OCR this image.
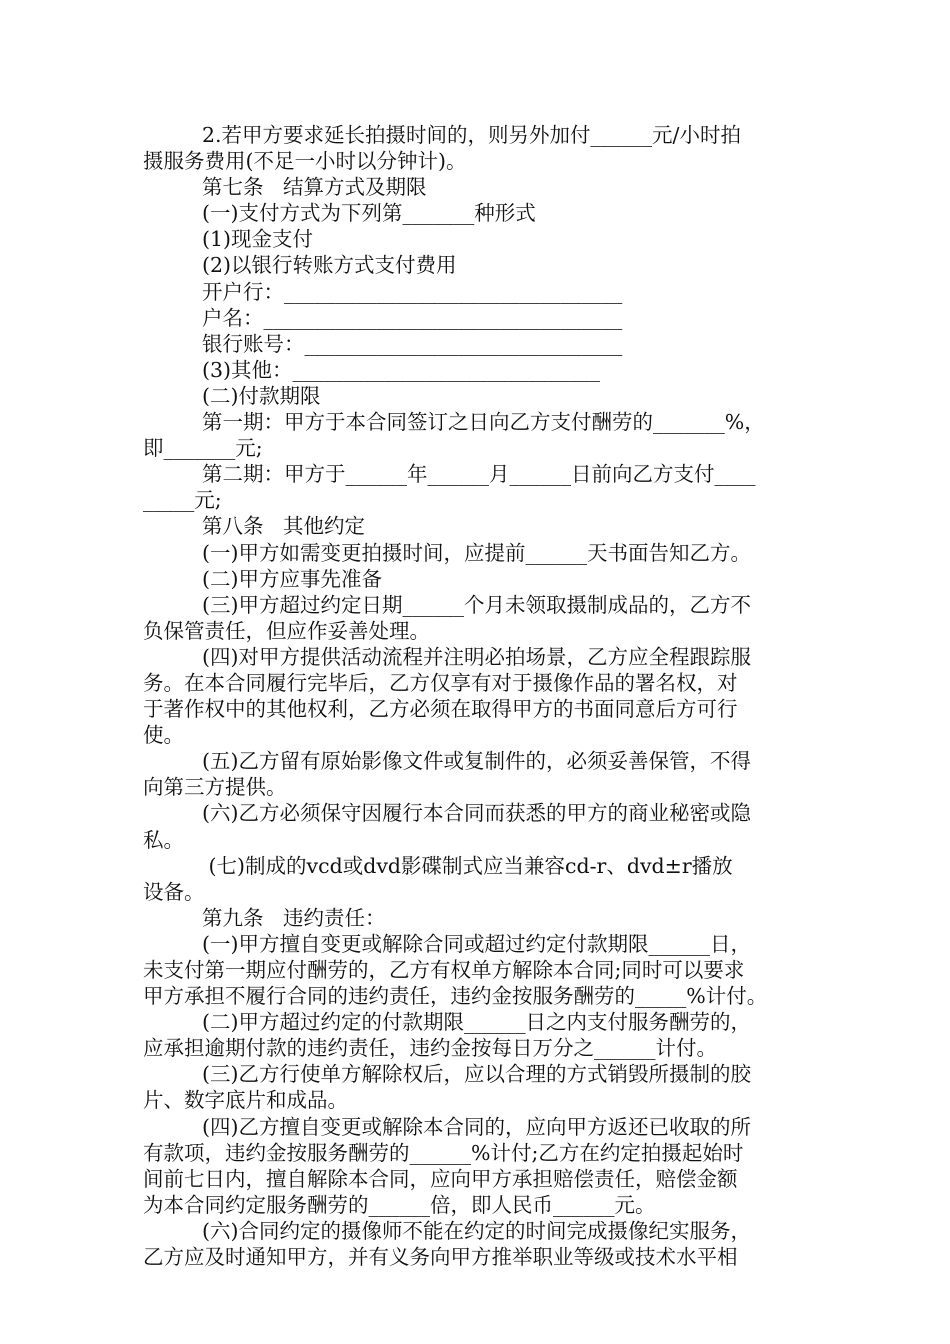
2.若甲方要求延长拍摄时间的，则另外加付______元/小时拍

摄服务费用(不足一小时以分钟计)。

第七条   结算方式及期限

(一)支付方式为下列第_______种形式

(1)现金支付

(2)以银行转账方式支付费用

开户行：_________________________________

户名：___________________________________

银行账号：_______________________________

(3)其他：______________________________

(二)付款期限

第一期：甲方于本合同签订之日向乙方支付酬劳的_______%，

即_______元;

第二期：甲方于______年______月______日前向乙方支付____

_____元;

第八条   其他约定

(一)甲方如需变更拍摄时间，应提前______天书面告知乙方。

(二)甲方应事先准备

(三)甲方超过约定日期______个月未领取摄制成品的，乙方不

负保管责任，但应作妥善处理。

(四)对甲方提供活动流程并注明必拍场景，乙方应全程跟踪服

务。在本合同履行完毕后，乙方仅享有对于摄像作品的署名权，对

于著作权中的其他权利，乙方必须在取得甲方的书面同意后方可行

使。

(五)乙方留有原始影像文件或复制件的，必须妥善保管，不得

向第三方提供。

(六)乙方必须保守因履行本合同而获悉的甲方的商业秘密或隐

私。

(七)制成的vcd或dvd影碟制式应当兼容cd-r、dvd±r播放

设备。

第九条   违约责任：

(一)甲方擅自变更或解除合同或超过约定付款期限______日，

未支付第一期应付酬劳的，乙方有权单方解除本合同;同时可以要求

甲方承担不履行合同的违约责任，违约金按服务酬劳的_____%计付。

(二)甲方超过约定的付款期限______日之内支付服务酬劳的，

应承担逾期付款的违约责任，违约金按每日万分之______计付。

(三)乙方行使单方解除权后，应以合理的方式销毁所摄制的胶

片、数字底片和成品。

(四)乙方擅自变更或解除本合同的，应向甲方返还已收取的所

有款项，违约金按服务酬劳的______%计付;乙方在约定拍摄起始时

间前七日内，擅自解除本合同，应向甲方承担赔偿责任，赔偿金额

为本合同约定服务酬劳的______倍，即人民币______元。

(六)合同约定的摄像师不能在约定的时间完成摄像纪实服务，

乙方应及时通知甲方，并有义务向甲方推举职业等级或技术水平相
